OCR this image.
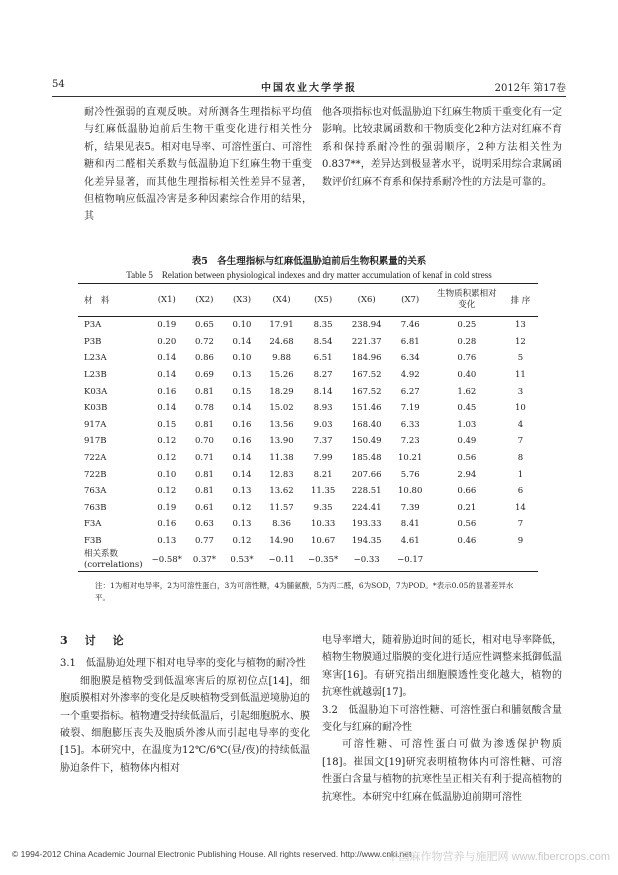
54	中国农业大学学报	2012年 第17卷

耐冷性强弱的直观反映。对所测各生理指标平均值与红麻低温胁迫前后生物干重变化进行相关性分析，结果见表5。相对电导率、可溶性蛋白、可溶性糖和丙二醛相关系数与低温胁迫下红麻生物干重变化差异显著，而其他生理指标相关性差异不显著，但植物响应低温冷害是多种因素综合作用的结果，其

他各项指标也对低温胁迫下红麻生物质干重变化有一定影响。比较隶属函数和干物质变化2种方法对红麻不育系和保持系耐冷性的强弱顺序，2种方法相关性为0.837**，差异达到极显著水平，说明采用综合隶属函数评价红麻不育系和保持系耐冷性的方法是可靠的。

表5　各生理指标与红麻低温胁迫前后生物积累量的关系
Table 5　Relation between physiological indexes and dry matter accumulation of kenaf in cold stress

材　料	(X1)	(X2)	(X3)	(X4)	(X5)	(X6)	(X7)	生物质积累相对变化	排 序
P3A	0.19	0.65	0.10	17.91	8.35	238.94	7.46	0.25	13
P3B	0.20	0.72	0.14	24.68	8.54	221.37	6.81	0.28	12
L23A	0.14	0.86	0.10	9.88	6.51	184.96	6.34	0.76	5
L23B	0.14	0.69	0.13	15.26	8.27	167.52	4.92	0.40	11
K03A	0.16	0.81	0.15	18.29	8.14	167.52	6.27	1.62	3
K03B	0.14	0.78	0.14	15.02	8.93	151.46	7.19	0.45	10
917A	0.15	0.81	0.16	13.56	9.03	168.40	6.33	1.03	4
917B	0.12	0.70	0.16	13.90	7.37	150.49	7.23	0.49	7
722A	0.12	0.71	0.14	11.38	7.99	185.48	10.21	0.56	8
722B	0.10	0.81	0.14	12.83	8.21	207.66	5.76	2.94	1
763A	0.12	0.81	0.13	13.62	11.35	228.51	10.80	0.66	6
763B	0.19	0.61	0.12	11.57	9.35	224.41	7.39	0.21	14
F3A	0.16	0.63	0.13	8.36	10.33	193.33	8.41	0.56	7
F3B	0.13	0.77	0.12	14.90	10.67	194.35	4.61	0.46	9

相关系数
(correlations)	−0.58*	0.37*	0.53*	−0.11	−0.35*	−0.33	−0.17		
注：1为相对电导率，2为可溶性蛋白，3为可溶性糖，4为脯氨酸，5为丙二醛，6为SOD，7为POD。*表示0.05的显著差异水平。

3　讨　论

3.1　低温胁迫处理下相对电导率的变化与植物的耐冷性

细胞膜是植物受到低温寒害后的原初位点[14]，细胞质膜相对外渗率的变化是反映植物受到低温逆境胁迫的一个重要指标。植物遭受持续低温后，引起细胞脱水、膜破裂、细胞膨压丧失及胞质外渗从而引起电导率的变化[15]。本研究中，在温度为12℃/6℃(昼/夜)的持续低温胁迫条件下，植物体内相对

电导率增大，随着胁迫时间的延长，相对电导率降低，植物生物膜通过脂膜的变化进行适应性调整来抵御低温寒害[16]。有研究指出细胞膜透性变化越大，植物的抗寒性就越弱[17]。

3.2　低温胁迫下可溶性糖、可溶性蛋白和脯氨酸含量变化与红麻的耐冷性

可溶性糖、可溶性蛋白可做为渗透保护物质[18]。崔国文[19]研究表明植物体内可溶性糖、可溶性蛋白含量与植物的抗寒性呈正相关有利于提高植物的抗寒性。本研究中红麻在低温胁迫前期可溶性

© 1994-2012 China Academic Journal Electronic Publishing House. All rights reserved. http://www.cnki.net
中国麻作物营养与施肥网 www.fibercrops.com
